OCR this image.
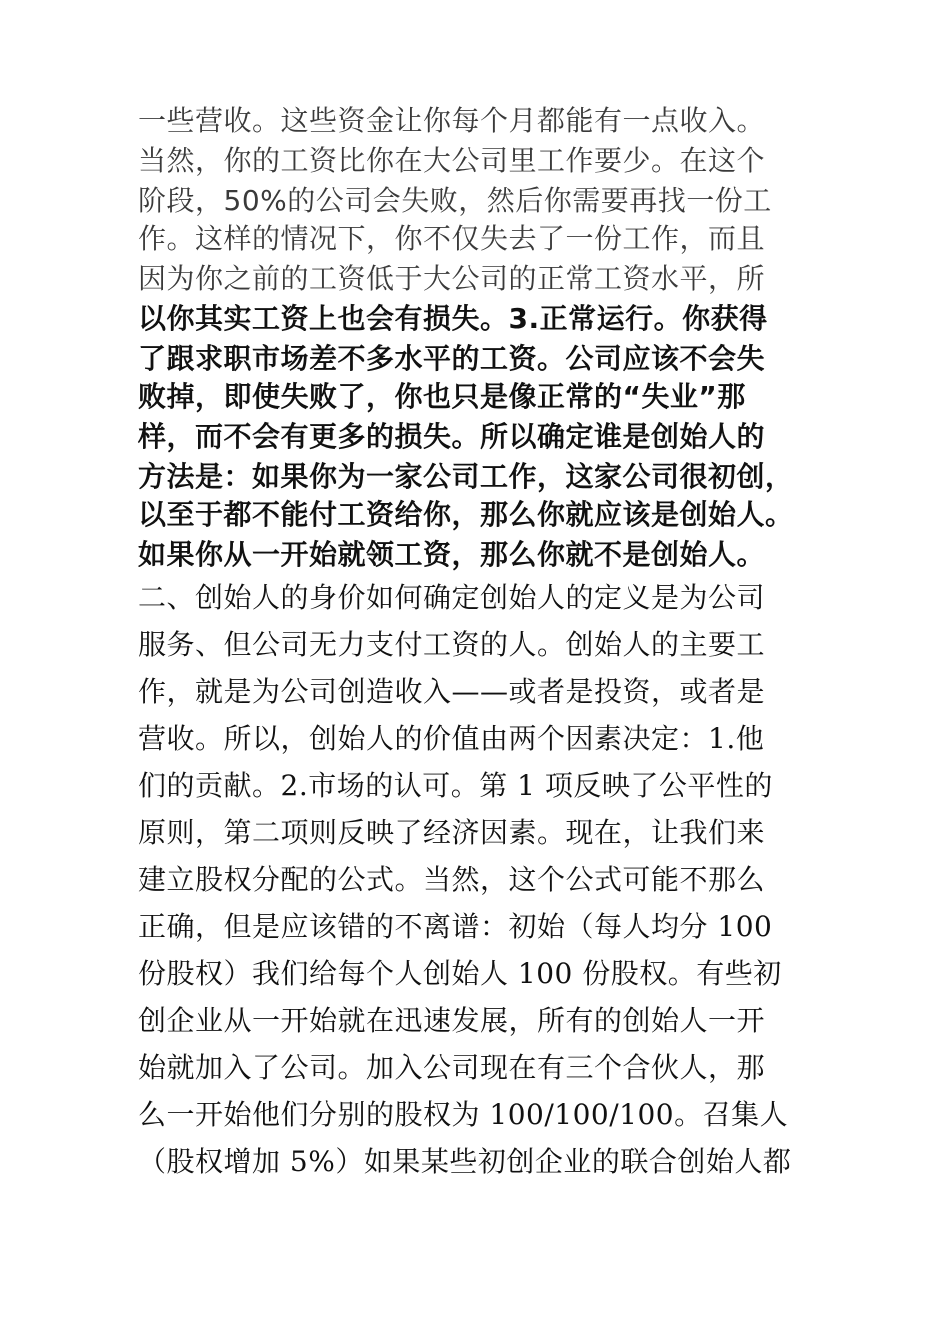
一些营收。这些资金让你每个月都能有一点收入。
当然，你的工资比你在大公司里工作要少。在这个
阶段，50%的公司会失败，然后你需要再找一份工
作。这样的情况下，你不仅失去了一份工作，而且
因为你之前的工资低于大公司的正常工资水平，所
以你其实工资上也会有损失。3.正常运行。你获得
了跟求职市场差不多水平的工资。公司应该不会失
败掉，即使失败了，你也只是像正常的“失业”那
样，而不会有更多的损失。所以确定谁是创始人的
方法是：如果你为一家公司工作，这家公司很初创，
以至于都不能付工资给你，那么你就应该是创始人。
如果你从一开始就领工资，那么你就不是创始人。
二、创始人的身价如何确定创始人的定义是为公司
服务、但公司无力支付工资的人。创始人的主要工
作，就是为公司创造收入——或者是投资，或者是
营收。所以，创始人的价值由两个因素决定：1.他
们的贡献。2.市场的认可。第 1 项反映了公平性的
原则，第二项则反映了经济因素。现在，让我们来
建立股权分配的公式。当然，这个公式可能不那么
正确，但是应该错的不离谱：初始（每人均分 100
份股权）我们给每个人创始人 100 份股权。有些初
创企业从一开始就在迅速发展，所有的创始人一开
始就加入了公司。加入公司现在有三个合伙人，那
么一开始他们分别的股权为 100/100/100。召集人
（股权增加 5%）如果某些初创企业的联合创始人都
